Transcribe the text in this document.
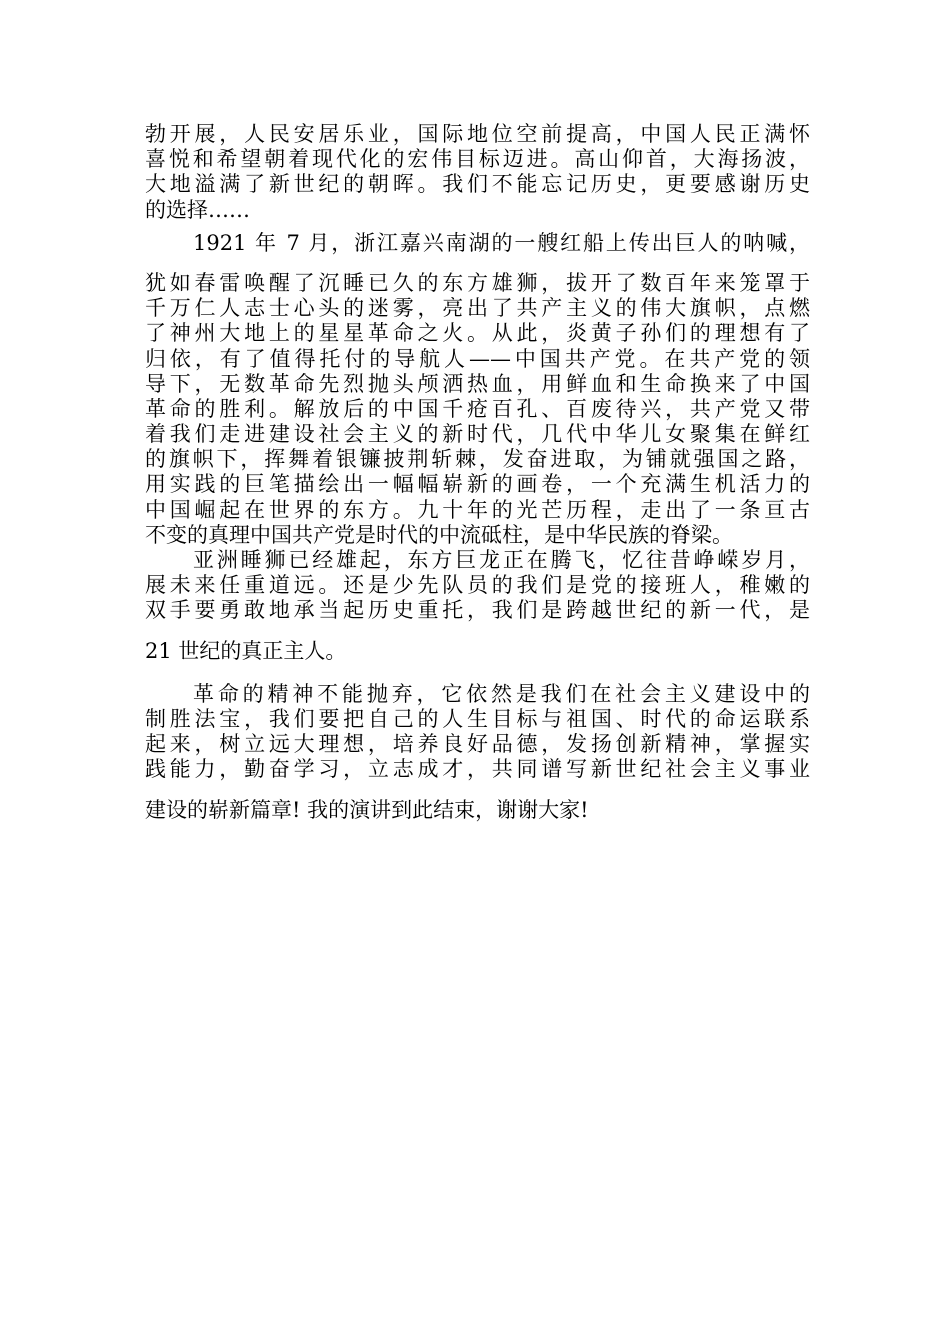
勃开展，人民安居乐业，国际地位空前提高，中国人民正满怀
喜悦和希望朝着现代化的宏伟目标迈进。高山仰首，大海扬波，
大地溢满了新世纪的朝晖。我们不能忘记历史，更要感谢历史
的选择……
1921 年 7 月，浙江嘉兴南湖的一艘红船上传出巨人的呐喊，
犹如春雷唤醒了沉睡已久的东方雄狮，拔开了数百年来笼罩于
千万仁人志士心头的迷雾，亮出了共产主义的伟大旗帜，点燃
了神州大地上的星星革命之火。从此，炎黄子孙们的理想有了
归依，有了值得托付的导航人——中国共产党。在共产党的领
导下，无数革命先烈抛头颅洒热血，用鲜血和生命换来了中国
革命的胜利。解放后的中国千疮百孔、百废待兴，共产党又带
着我们走进建设社会主义的新时代，几代中华儿女聚集在鲜红
的旗帜下，挥舞着银镰披荆斩棘，发奋进取，为铺就强国之路，
用实践的巨笔描绘出一幅幅崭新的画卷，一个充满生机活力的
中国崛起在世界的东方。九十年的光芒历程，走出了一条亘古
不变的真理中国共产党是时代的中流砥柱，是中华民族的脊梁。
亚洲睡狮已经雄起，东方巨龙正在腾飞，忆往昔峥嵘岁月，
展未来任重道远。还是少先队员的我们是党的接班人，稚嫩的
双手要勇敢地承当起历史重托，我们是跨越世纪的新一代，是
21 世纪的真正主人。
革命的精神不能抛弃，它依然是我们在社会主义建设中的
制胜法宝，我们要把自己的人生目标与祖国、时代的命运联系
起来，树立远大理想，培养良好品德，发扬创新精神，掌握实
践能力，勤奋学习，立志成才，共同谱写新世纪社会主义事业
建设的崭新篇章! 我的演讲到此结束，谢谢大家!
